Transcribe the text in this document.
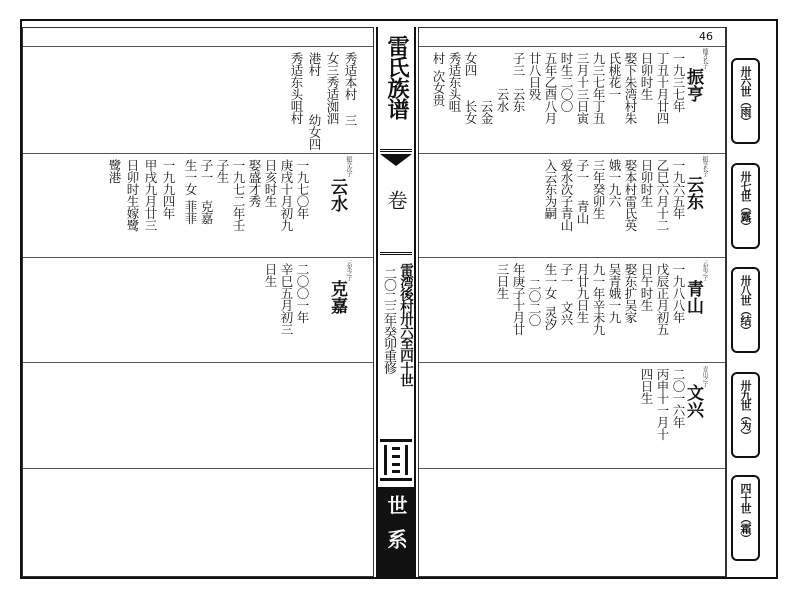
秀适本村
三
女三秀适洳泗
港村
幼女四
秀适东头咀村
振亨次子
云水
一九七〇年
庚戌十月初九
日亥时生
娶盛才秀
一九七二年壬
子生
子一
克嘉
生一女
菲菲
一九九四年
甲戌九月廿三
日卯时生嫁鹭
鹭港
云水之子
克嘉
二〇〇一年
辛巳五月初三
日生
雷氏族谱
卷
雷湾後村卅六至四十世
二〇二三年癸卯重修
世系
46
德才长子
振亨
一九三七年
丁丑十月廿四
日卯时生
娶下朱湾村朱
氏桃花一
九三七年丁丑
三月十三日寅
时生二〇〇
五年乙酉八月
廿八日殁
子三
云东
云水
云金
女四
长女
秀适东头咀
次女贵
村
振亨长子
云东
一九六五年
乙巳六月十二
日卯时生
娶本村雷氏英
娥一九六
三年癸卯生
子一
青山
爱水次子青山
入云东为嗣
云东之子
青山
一九八八年
戊辰正月初五
日午时生
娶东扩吴家
吴青娥一九
九一年辛未九
月廿九日生
子一
文兴
生一女
灵汐
二〇二〇
年庚子十月廿
三日生
青山之子
文兴
二〇一六年
丙申十一月十
四日生
卅六世（雨）
卅七世（露）
卅八世（结）
卅九世（为）
四十世（霜）
